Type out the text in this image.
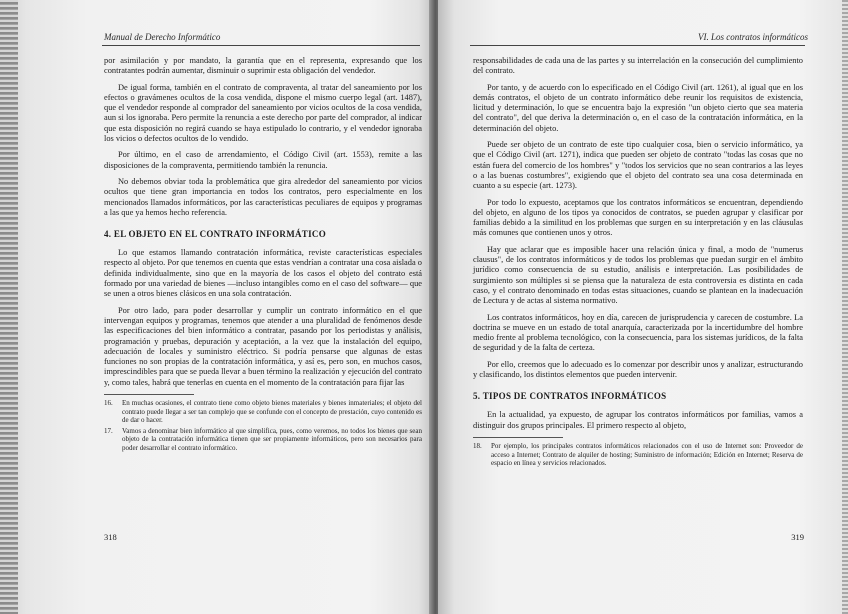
Manual de Derecho Informático

por asimilación y por mandato, la garantía que en el representa, expresando que los contratantes podrán aumentar, disminuir o suprimir esta obligación del vendedor.

De igual forma, también en el contrato de compraventa, al tratar del saneamiento por los efectos o gravámenes ocultos de la cosa vendida, dispone el mismo cuerpo legal (art. 1487), que el vendedor responde al comprador del saneamiento por vicios ocultos de la cosa vendida, aun si los ignoraba. Pero permite la renuncia a este derecho por parte del comprador, al indicar que esta disposición no regirá cuando se haya estipulado lo contrario, y el vendedor ignoraba los vicios o defectos ocultos de lo vendido.

Por último, en el caso de arrendamiento, el Código Civil (art. 1553), remite a las disposiciones de la compraventa, permitiendo también la renuncia.

No debemos obviar toda la problemática que gira alrededor del saneamiento por vicios ocultos que tiene gran importancia en todos los contratos, pero especialmente en los mencionados llamados informáticos, por las características peculiares de equipos y programas a las que ya hemos hecho referencia.

4. EL OBJETO EN EL CONTRATO INFORMÁTICO

Lo que estamos llamando contratación informática, reviste características especiales respecto al objeto. Por que tenemos en cuenta que estas vendrían a contratar una cosa aislada o definida individualmente, sino que en la mayoría de los casos el objeto del contrato está formado por una variedad de bienes —incluso intangibles como en el caso del software— que se unen a otros bienes clásicos en una sola contratación.

Por otro lado, para poder desarrollar y cumplir un contrato informático en el que intervengan equipos y programas, tenemos que atender a una pluralidad de fenómenos desde las especificaciones del bien informático a contratar, pasando por los periodistas y análisis, programación y pruebas, depuración y aceptación, a la vez que la instalación del equipo, adecuación de locales y suministro eléctrico. Si podría pensarse que algunas de estas funciones no son propias de la contratación informática, y así es, pero son, en muchos casos, imprescindibles para que se pueda llevar a buen término la realización y ejecución del contrato y, como tales, habrá que tenerlas en cuenta en el momento de la contratación para fijar las

16.	En muchas ocasiones, el contrato tiene como objeto bienes materiales y bienes inmateriales; el objeto del contrato puede llegar a ser tan complejo que se confunde con el concepto de prestación, cuyo contenido es de dar o hacer.
17.	Vamos a denominar bien informático al que simplifica, pues, como veremos, no todos los bienes que sean objeto de la contratación informática tienen que ser propiamente informáticos, pero son necesarios para poder desarrollar el contrato informático.
318
VI. Los contratos informáticos

responsabilidades de cada una de las partes y su interrelación en la consecución del cumplimiento del contrato.

Por tanto, y de acuerdo con lo especificado en el Código Civil (art. 1261), al igual que en los demás contratos, el objeto de un contrato informático debe reunir los requisitos de existencia, licitud y determinación, lo que se encuentra bajo la expresión "un objeto cierto que sea materia del contrato", del que deriva la determinación o, en el caso de la contratación informática, en la determinación del objeto.

Puede ser objeto de un contrato de este tipo cualquier cosa, bien o servicio informático, ya que el Código Civil (art. 1271), indica que pueden ser objeto de contrato "todas las cosas que no están fuera del comercio de los hombres" y "todos los servicios que no sean contrarios a las leyes o a las buenas costumbres", exigiendo que el objeto del contrato sea una cosa determinada en cuanto a su especie (art. 1273).

Por todo lo expuesto, aceptamos que los contratos informáticos se encuentran, dependiendo del objeto, en alguno de los tipos ya conocidos de contratos, se pueden agrupar y clasificar por familias debido a la similitud en los problemas que surgen en su interpretación y en las cláusulas más comunes que contienen unos y otros.

Hay que aclarar que es imposible hacer una relación única y final, a modo de "numerus clausus", de los contratos informáticos y de todos los problemas que puedan surgir en el ámbito jurídico como consecuencia de su estudio, análisis e interpretación. Las posibilidades de surgimiento son múltiples si se piensa que la naturaleza de esta controversia es distinta en cada caso, y el contrato denominado en todas estas situaciones, cuando se plantean en la inadecuación de Lectura y de actas al sistema normativo.

Los contratos informáticos, hoy en día, carecen de jurisprudencia y carecen de costumbre. La doctrina se mueve en un estado de total anarquía, caracterizada por la incertidumbre del hombre medio frente al problema tecnológico, con la consecuencia, para los sistemas jurídicos, de la falta de seguridad y de la falta de certeza.

Por ello, creemos que lo adecuado es lo comenzar por describir unos y analizar, estructurando y clasificando, los distintos elementos que pueden intervenir.

5. TIPOS DE CONTRATOS INFORMÁTICOS

En la actualidad, ya expuesto, de agrupar los contratos informáticos por familias, vamos a distinguir dos grupos principales. El primero respecto al objeto,

18.	Por ejemplo, los principales contratos informáticos relacionados con el uso de Internet son: Proveedor de acceso a Internet; Contrato de alquiler de hosting; Suministro de información; Edición en Internet; Reserva de espacio en línea y servicios relacionados.
319
